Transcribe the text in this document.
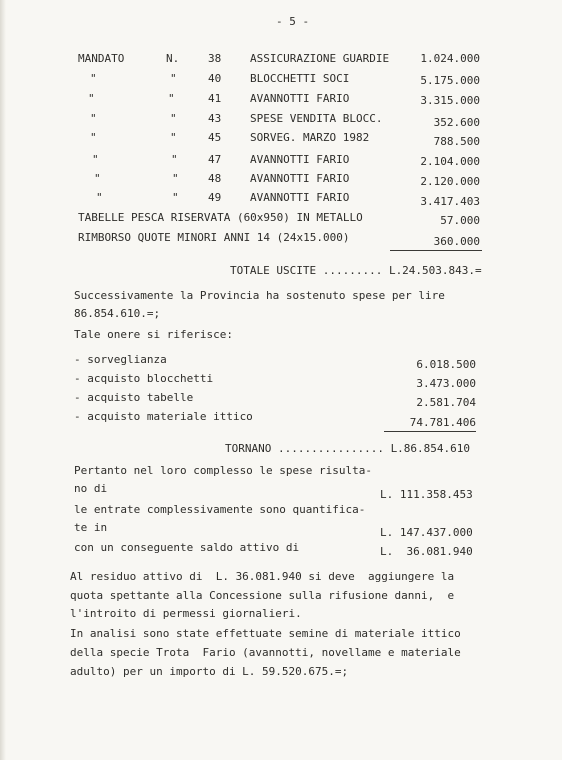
- 5 -
MANDATO	N.	38	ASSICURAZIONE GUARDIE	1.024.000
"	"	40	BLOCCHETTI SOCI	5.175.000
"	"	41	AVANNOTTI FARIO	3.315.000
"	"	43	SPESE VENDITA BLOCC.	352.600
"	"	45	SORVEG. MARZO 1982	788.500
"	"	47	AVANNOTTI FARIO	2.104.000
"	"	48	AVANNOTTI FARIO	2.120.000
"	"	49	AVANNOTTI FARIO	3.417.403
TABELLE PESCA RISERVATA (60x950) IN METALLO	57.000
RIMBORSO QUOTE MINORI ANNI 14 (24x15.000)	360.000
TOTALE USCITE ......... L.24.503.843.=
Successivamente la Provincia ha sostenuto spese per lire
86.854.610.=;
Tale onere si riferisce:
- sorveglianza	6.018.500
- acquisto blocchetti	3.473.000
- acquisto tabelle	2.581.704
- acquisto materiale ittico	74.781.406
TORNANO ................ L.86.854.610
Pertanto nel loro complesso le spese risulta-
no di	L. 111.358.453
le entrate complessivamente sono quantifica-
te in	L. 147.437.000
con un conseguente saldo attivo di	L.  36.081.940
Al residuo attivo di  L. 36.081.940 si deve  aggiungere la
quota spettante alla Concessione sulla rifusione danni,  e
l'introito di permessi giornalieri.
In analisi sono state effettuate semine di materiale ittico
della specie Trota  Fario (avannotti, novellame e materiale
adulto) per un importo di L. 59.520.675.=;
